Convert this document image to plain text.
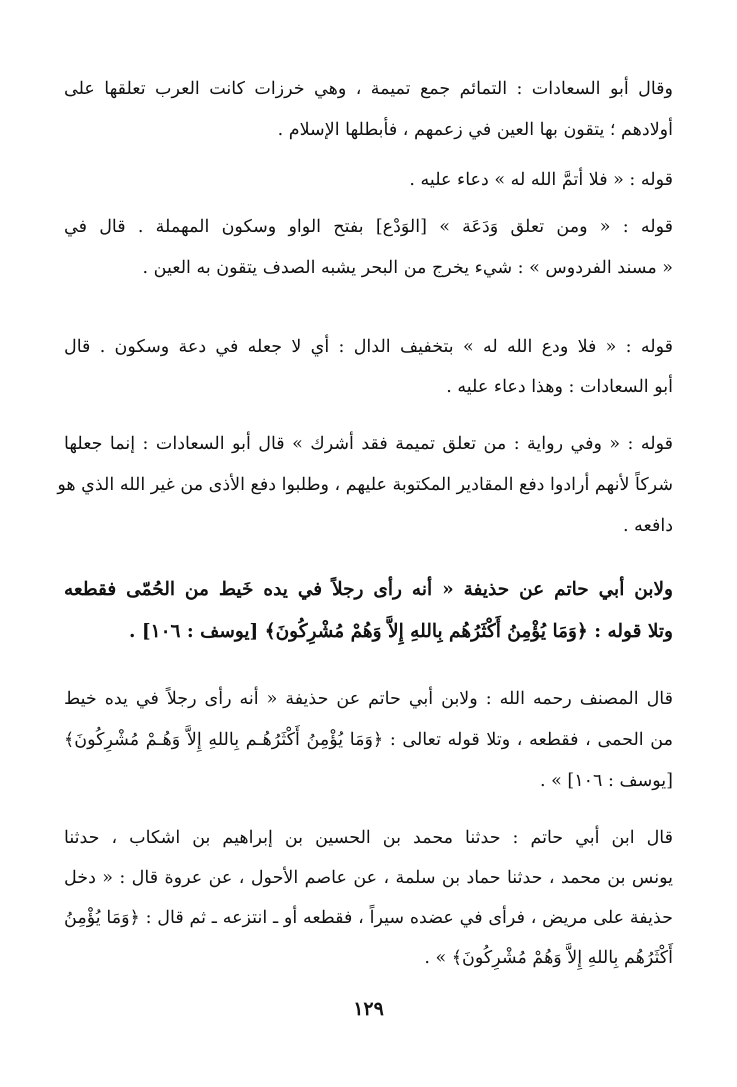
وقال أبو السعادات : التمائم جمع تميمة ، وهي خرزات كانت العرب تعلقها على
أولادهم ؛ يتقون بها العين في زعمهم ، فأبطلها الإسلام .
قوله : « فلا أتمَّ الله له » دعاء عليه .
قوله : « ومن تعلق وَدَعَة » [الوَدْع] بفتح الواو وسكون المهملة . قال في
« مسند الفردوس » : شيء يخرج من البحر يشبه الصدف يتقون به العين .
قوله : « فلا ودع الله له » بتخفيف الدال : أي لا جعله في دعة وسكون . قال
أبو السعادات : وهذا دعاء عليه .
قوله : « وفي رواية : من تعلق تميمة فقد أشرك » قال أبو السعادات : إنما جعلها
شركاً لأنهم أرادوا دفع المقادير المكتوبة عليهم ، وطلبوا دفع الأذى من غير الله الذي هو
دافعه .
ولابن أبي حاتم عن حذيفة « أنه رأى رجلاً في يده خَيط من الحُمّى فقطعه
وتلا قوله : ﴿وَمَا يُؤْمِنُ أَكْثَرُهُم بِاللهِ إِلاَّ وَهُمْ مُشْرِكُونَ﴾ [يوسف : ١٠٦] .
قال المصنف رحمه الله : ولابن أبي حاتم عن حذيفة « أنه رأى رجلاً في يده خيط
من الحمى ، فقطعه ، وتلا قوله تعالى : ﴿وَمَا يُؤْمِنُ أَكْثَرُهُـم بِاللهِ إِلاَّ وَهُـمْ مُشْرِكُونَ﴾
[يوسف : ١٠٦] » .
قال ابن أبي حاتم : حدثنا محمد بن الحسين بن إبراهيم بن اشكاب ، حدثنا
يونس بن محمد ، حدثنا حماد بن سلمة ، عن عاصم الأحول ، عن عروة قال : « دخل
حذيفة على مريض ، فرأى في عضده سيراً ، فقطعه أو ـ انتزعه ـ ثم قال : ﴿وَمَا يُؤْمِنُ
أَكْثَرُهُم بِاللهِ إِلاَّ وَهُمْ مُشْرِكُونَ﴾ » .
١٢٩
